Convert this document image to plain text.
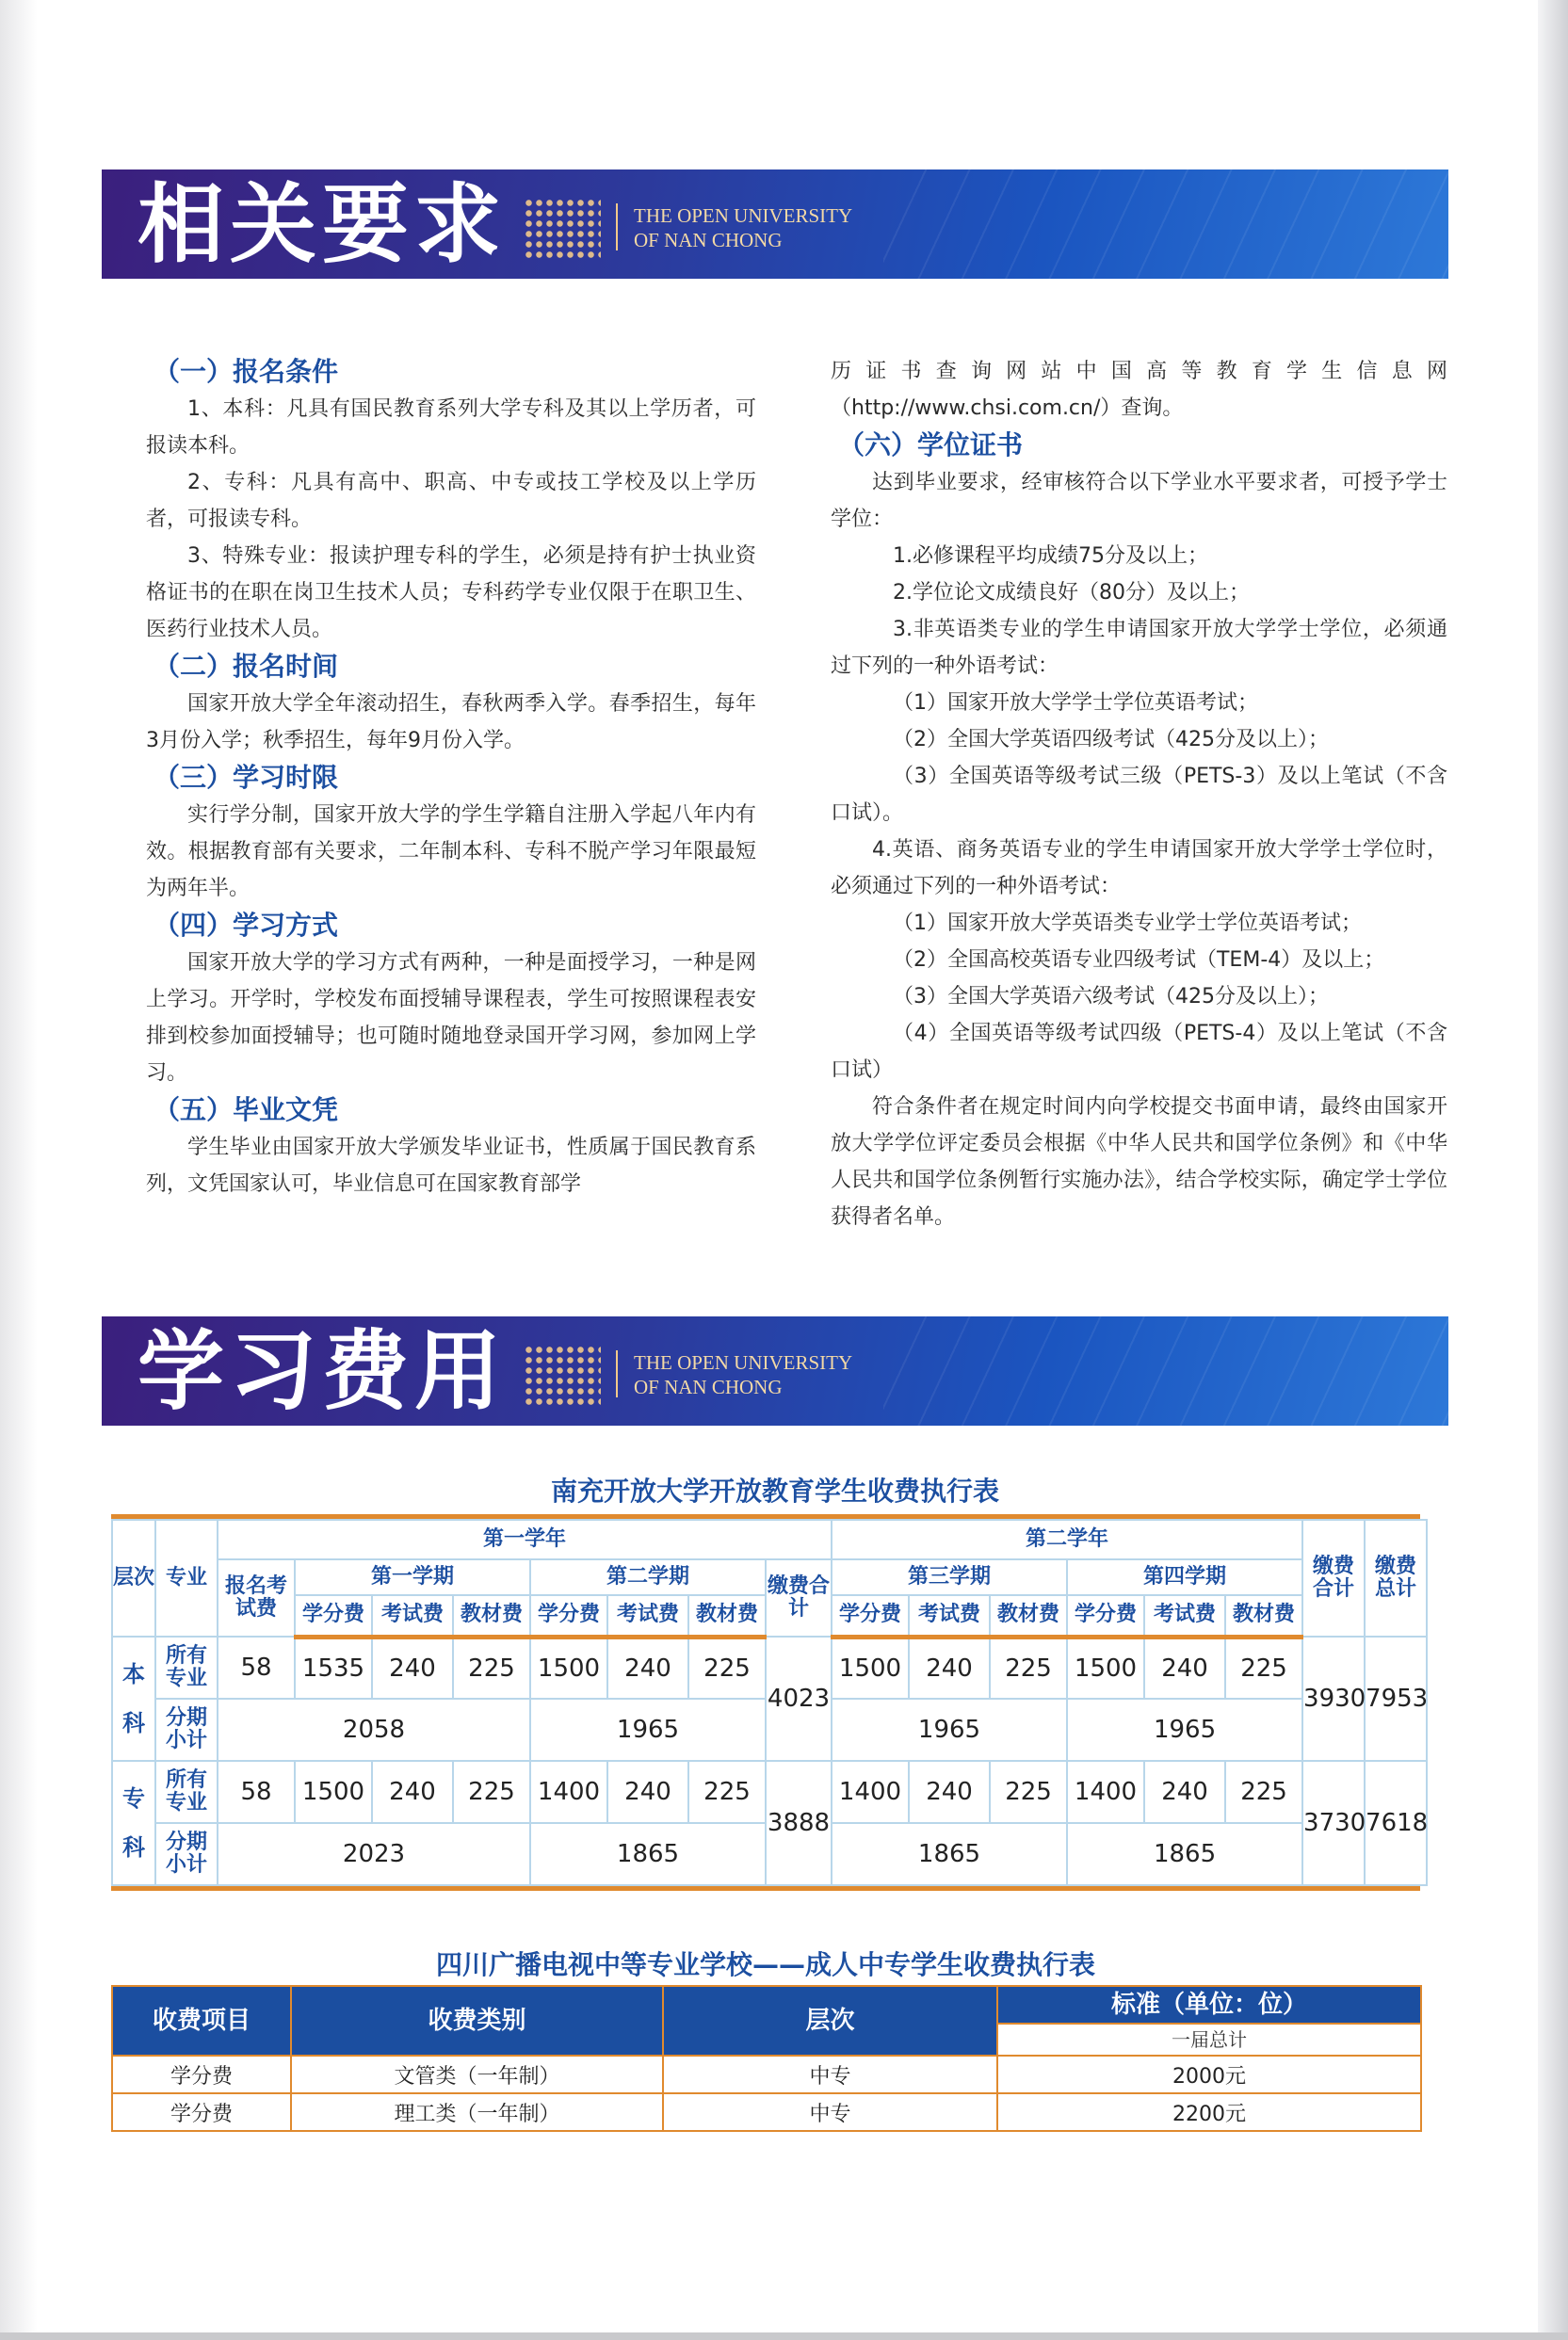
相关要求	THE OPEN UNIVERSITY
OF NAN CHONG
（一）报名条件

1、本科：凡具有国民教育系列大学专科及其以上学历者，可报读本科。

2、专科：凡具有高中、职高、中专或技工学校及以上学历者，可报读专科。

3、特殊专业：报读护理专科的学生，必须是持有护士执业资格证书的在职在岗卫生技术人员；专科药学专业仅限于在职卫生、医药行业技术人员。

（二）报名时间

国家开放大学全年滚动招生，春秋两季入学。春季招生，每年3月份入学；秋季招生，每年9月份入学。

（三）学习时限

实行学分制，国家开放大学的学生学籍自注册入学起八年内有效。根据教育部有关要求，二年制本科、专科不脱产学习年限最短为两年半。

（四）学习方式

国家开放大学的学习方式有两种，一种是面授学习，一种是网上学习。开学时，学校发布面授辅导课程表，学生可按照课程表安排到校参加面授辅导；也可随时随地登录国开学习网，参加网上学习。

（五）毕业文凭

学生毕业由国家开放大学颁发毕业证书，性质属于国民教育系列，文凭国家认可，毕业信息可在国家教育部学

历证书查询网站中国高等教育学生信息网（http://www.chsi.com.cn/）查询。

（六）学位证书

达到毕业要求，经审核符合以下学业水平要求者，可授予学士学位：

1.必修课程平均成绩75分及以上；

2.学位论文成绩良好（80分）及以上；

3.非英语类专业的学生申请国家开放大学学士学位，必须通过下列的一种外语考试：

（1）国家开放大学学士学位英语考试；

（2）全国大学英语四级考试（425分及以上）；

（3）全国英语等级考试三级（PETS-3）及以上笔试（不含口试）。

4.英语、商务英语专业的学生申请国家开放大学学士学位时，必须通过下列的一种外语考试：

（1）国家开放大学英语类专业学士学位英语考试；

（2）全国高校英语专业四级考试（TEM-4）及以上；

（3）全国大学英语六级考试（425分及以上）；

（4）全国英语等级考试四级（PETS-4）及以上笔试（不含口试）

符合条件者在规定时间内向学校提交书面申请，最终由国家开放大学学位评定委员会根据《中华人民共和国学位条例》和《中华人民共和国学位条例暂行实施办法》，结合学校实际，确定学士学位获得者名单。

学习费用	THE OPEN UNIVERSITY
OF NAN CHONG
南充开放大学开放教育学生收费执行表
层次	专业	第一学年								第二学年						缴费合计	缴费总计
		报名考试费	第一学期			第二学期			缴费合计	第三学期			第四学期				
			学分费	考试费	教材费	学分费	考试费	教材费		学分费	考试费	教材费	学分费	考试费	教材费		
本科	所有专业	58	1535	240	225	1500	240	225	4023	1500	240	225	1500	240	225	3930	7953
	分期小计	2058				1965				1965			1965				
专科	所有专业	58	1500	240	225	1400	240	225	3888	1400	240	225	1400	240	225	3730	7618
	分期小计	2023				1865				1865			1865				
四川广播电视中等专业学校——成人中专学生收费执行表
收费项目	收费类别	层次	标准（单位：位）
			一届总计
学分费	文管类（一年制）	中专	2000元
学分费	理工类（一年制）	中专	2200元
